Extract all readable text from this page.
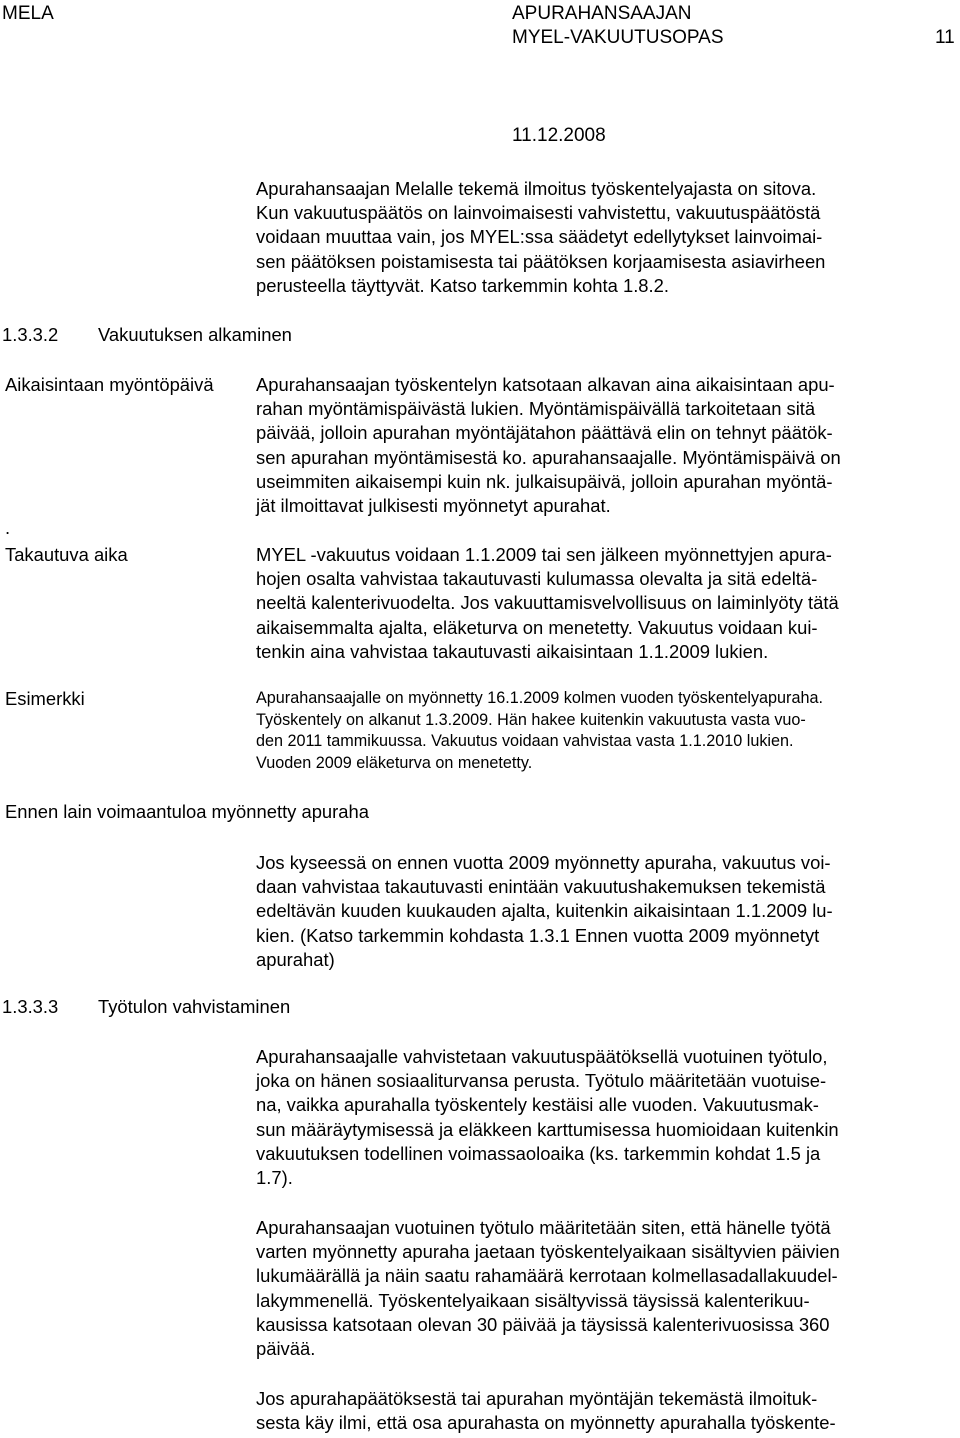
MELA	APURAHANSAAJAN
MYEL-VAKUUTUSOPAS	11
11.12.2008
Apurahansaajan Melalle tekemä ilmoitus työskentelyajasta on sitova.
Kun vakuutuspäätös on lainvoimaisesti vahvistettu, vakuutuspäätöstä
voidaan muuttaa vain, jos MYEL:ssa säädetyt edellytykset lainvoimai-
sen päätöksen poistamisesta tai päätöksen korjaamisesta asiavirheen
perusteella täyttyvät. Katso tarkemmin kohta 1.8.2.
1.3.3.2 Vakuutuksen alkaminen
Aikaisintaan myöntöpäivä Apurahansaajan työskentelyn katsotaan alkavan aina aikaisintaan apu-
rahan myöntämispäivästä lukien. Myöntämispäivällä tarkoitetaan sitä
päivää, jolloin apurahan myöntäjätahon päättävä elin on tehnyt päätök-
sen apurahan myöntämisestä ko. apurahansaajalle. Myöntämispäivä on
useimmiten aikaisempi kuin nk. julkaisupäivä, jolloin apurahan myöntä-
jät ilmoittavat julkisesti myönnetyt apurahat.
.
Takautuva aika	MYEL -vakuutus voidaan 1.1.2009 tai sen jälkeen myönnettyjen apura-
hojen osalta vahvistaa takautuvasti kulumassa olevalta ja sitä edeltä-
neeltä kalenterivuodelta. Jos vakuuttamisvelvollisuus on laiminlyöty tätä
aikaisemmalta ajalta, eläketurva on menetetty. Vakuutus voidaan kui-
tenkin aina vahvistaa takautuvasti aikaisintaan 1.1.2009 lukien.
Esimerkki	Apurahansaajalle on myönnetty 16.1.2009 kolmen vuoden työskentelyapuraha.
Työskentely on alkanut 1.3.2009. Hän hakee kuitenkin vakuutusta vasta vuo-
den 2011 tammikuussa. Vakuutus voidaan vahvistaa vasta 1.1.2010 lukien.
Vuoden 2009 eläketurva on menetetty.
Ennen lain voimaantuloa myönnetty apuraha
Jos kyseessä on ennen vuotta 2009 myönnetty apuraha, vakuutus voi-
daan vahvistaa takautuvasti enintään vakuutushakemuksen tekemistä
edeltävän kuuden kuukauden ajalta, kuitenkin aikaisintaan 1.1.2009 lu-
kien. (Katso tarkemmin kohdasta 1.3.1 Ennen vuotta 2009 myönnetyt
apurahat)
1.3.3.3 Työtulon vahvistaminen
Apurahansaajalle vahvistetaan vakuutuspäätöksellä vuotuinen työtulo,
joka on hänen sosiaaliturvansa perusta. Työtulo määritetään vuotuise-
na, vaikka apurahalla työskentely kestäisi alle vuoden. Vakuutusmak-
sun määräytymisessä ja eläkkeen karttumisessa huomioidaan kuitenkin
vakuutuksen todellinen voimassaoloaika (ks. tarkemmin kohdat 1.5 ja
1.7).
Apurahansaajan vuotuinen työtulo määritetään siten, että hänelle työtä
varten myönnetty apuraha jaetaan työskentelyaikaan sisältyvien päivien
lukumäärällä ja näin saatu rahamäärä kerrotaan kolmellasadallakuudel-
lakymmenellä. Työskentelyaikaan sisältyvissä täysissä kalenterikuu-
kausissa katsotaan olevan 30 päivää ja täysissä kalenterivuosissa 360
päivää.
Jos apurahapäätöksestä tai apurahan myöntäjän tekemästä ilmoituk-
sesta käy ilmi, että osa apurahasta on myönnetty apurahalla työskente-
